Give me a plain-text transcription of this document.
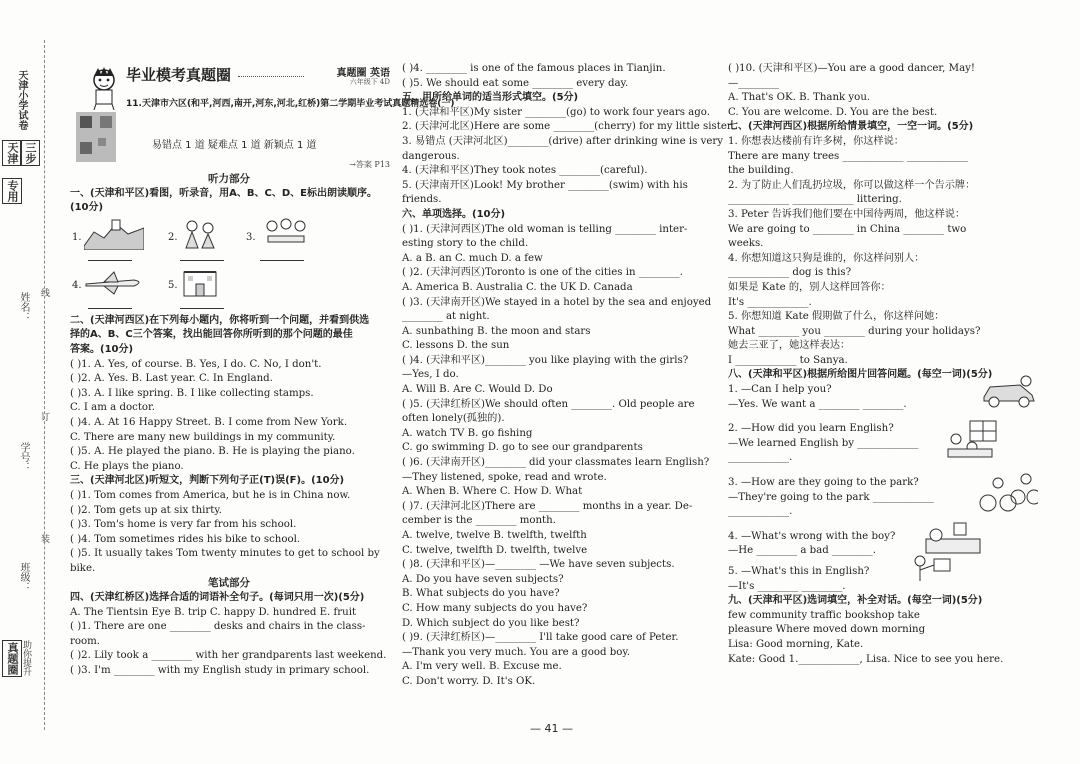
天津小学试卷
天津
专用
三步
姓名：
学号：
班级：
真题圈 助你提升
线
订
装
毕业模考真题圈	真题圈 英语
六年级下 4D
11.天津市六区(和平,河西,南开,河东,河北,红桥)第二学期毕业考试真题精选卷(一)
易错点 1 道 疑难点 1 道 新颖点 1 道
→答案 P13
听力部分
一、(天津和平区)看图，听录音，用A、B、C、D、E标出朗读顺序。
(10分)
1.	2.	3.
4.	5.
二、(天津河西区)在下列每小题内，你将听到一个问题，并看到供选
择的A、B、C三个答案，找出能回答你所听到的那个问题的最佳
答案。(10分)
( )1. A. Yes, of course. B. Yes, I do. C. No, I don't.
( )2. A. Yes. B. Last year. C. In England.
( )3. A. I like spring. B. I like collecting stamps.
C. I am a doctor.
( )4. A. At 16 Happy Street. B. I come from New York.
C. There are many new buildings in my community.
( )5. A. He played the piano. B. He is playing the piano.
C. He plays the piano.
三、(天津河北区)听短文，判断下列句子正(T)误(F)。(10分)
( )1. Tom comes from America, but he is in China now.
( )2. Tom gets up at six thirty.
( )3. Tom's home is very far from his school.
( )4. Tom sometimes rides his bike to school.
( )5. It usually takes Tom twenty minutes to get to school by
bike.
笔试部分
四、(天津红桥区)选择合适的词语补全句子。(每词只用一次)(5分)
A. The Tientsin Eye B. trip C. happy D. hundred E. fruit
( )1. There are one ________ desks and chairs in the class-
room.
( )2. Lily took a ________ with her grandparents last weekend.
( )3. I'm ________ with my English study in primary school.
( )4. ________ is one of the famous places in Tianjin.
( )5. We should eat some ________ every day.
五、用所给单词的适当形式填空。(5分)
1. (天津和平区)My sister ________(go) to work four years ago.
2. (天津河北区)Here are some ________(cherry) for my little sister.
3. 易错点 (天津河北区)________(drive) after drinking wine is very
dangerous.
4. (天津和平区)They took notes ________(careful).
5. (天津南开区)Look! My brother ________(swim) with his
friends.
六、单项选择。(10分)
( )1. (天津河西区)The old woman is telling ________ inter-
esting story to the child.
A. a B. an C. much D. a few
( )2. (天津河西区)Toronto is one of the cities in ________.
A. America B. Australia C. the UK D. Canada
( )3. (天津南开区)We stayed in a hotel by the sea and enjoyed
________ at night.
A. sunbathing B. the moon and stars
C. lessons D. the sun
( )4. (天津和平区)________ you like playing with the girls?
—Yes, I do.
A. Will B. Are C. Would D. Do
( )5. (天津红桥区)We should often ________. Old people are
often lonely(孤独的).
A. watch TV B. go fishing
C. go swimming D. go to see our grandparents
( )6. (天津南开区)________ did your classmates learn English?
—They listened, spoke, read and wrote.
A. When B. Where C. How D. What
( )7. (天津河北区)There are ________ months in a year. De-
cember is the ________ month.
A. twelve, twelve B. twelfth, twelfth
C. twelve, twelfth D. twelfth, twelve
( )8. (天津和平区)—________ —We have seven subjects.
A. Do you have seven subjects?
B. What subjects do you have?
C. How many subjects do you have?
D. Which subject do you like best?
( )9. (天津红桥区)—________ I'll take good care of Peter.
—Thank you very much. You are a good boy.
A. I'm very well. B. Excuse me.
C. Don't worry. D. It's OK.
( )10. (天津和平区)—You are a good dancer, May!
—________
A. That's OK. B. Thank you.
C. You are welcome. D. You are the best.
七、(天津河西区)根据所给情景填空，一空一词。(5分)
1. 你想表达楼前有许多树，你这样说：
There are many trees ____________ ____________
the building.
2. 为了防止人们乱扔垃圾，你可以做这样一个告示牌：
____________ ____________ littering.
3. Peter 告诉我们他们要在中国待两周，他这样说：
We are going to ________ in China ________ two
weeks.
4. 你想知道这只狗是谁的，你这样问别人：
____________ dog is this?
如果是 Kate 的，别人这样回答你：
It's ____________.
5. 你想知道 Kate 假期做了什么，你这样问她：
What ________ you ________ during your holidays?
她去三亚了，她这样表达：
I ____________ to Sanya.
八、(天津和平区)根据所给图片回答问题。(每空一词)(5分)
1. —Can I help you?
—Yes. We want a ________ ________.
2. —How did you learn English?
—We learned English by ____________
____________.
3. —How are they going to the park?
—They're going to the park ____________
____________.
4. —What's wrong with the boy?
—He ________ a bad ________.
5. —What's this in English?
—It's ________ ________.
九、(天津和平区)选词填空，补全对话。(每空一词)(5分)
few community traffic bookshop take
pleasure Where moved down morning
Lisa: Good morning, Kate.
Kate: Good 1.____________, Lisa. Nice to see you here.
— 41 —
